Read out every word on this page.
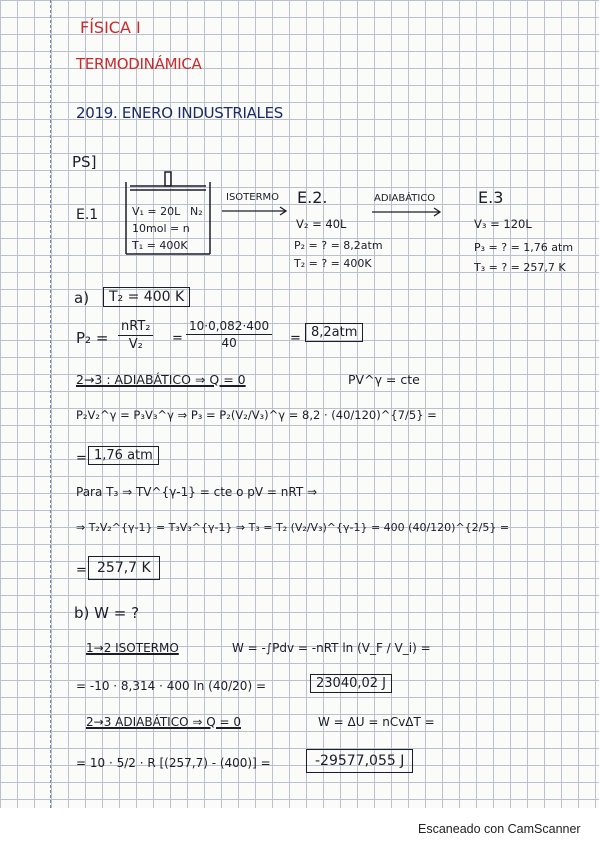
FÍSICA I
TERMODINÁMICA
2019. ENERO INDUSTRIALES
PS]
E.1	V₁ = 20L N₂
10mol = n
T₁ = 400K
ISOTERMO E.2.
V₂ = 40L
P₂ = ? = 8,2atm
T₂ = ? = 400K
ADIABÁTICO	E.3
V₃ = 120L
P₃ = ? = 1,76 atm
T₃ = ? = 257,7 K
a)	T₂ = 400 K
P₂ =
nRT₂
V₂	= $\frac{10\cdot 0,082\cdot 400}{40} = 8,2atm$
2→3 : ADIABÁTICO ⇒ Q = 0	PV^γ = cte
P₂V₂^γ = P₃V₃^γ ⇒ P₃ = P₂(V₂/V₃)^γ = 8,2 · (40/120)^{7/5} =
= 1,76 atm
Para T₃ ⇒ TV^{γ-1} = cte o pV = nRT ⇒
⇒ T₂V₂^{γ-1} = T₃V₃^{γ-1} ⇒ T₃ = T₂ (V₂/V₃)^{γ-1} = 400 (40/120)^{2/5} =
= 257,7 K
b) W = ?
1→2 ISOTERMO	W = -∫Pdv = -nRT ln (V_F / V_i) =
= -10 · 8,314 · 400 ln (40/20) =	23040,02 J
2→3 ADIABÁTICO ⇒ Q = 0	W = ΔU = nCvΔT =
= 10 · 5/2 · R [(257,7) - (400)] =	-29577,055 J
Escaneado con CamScanner
